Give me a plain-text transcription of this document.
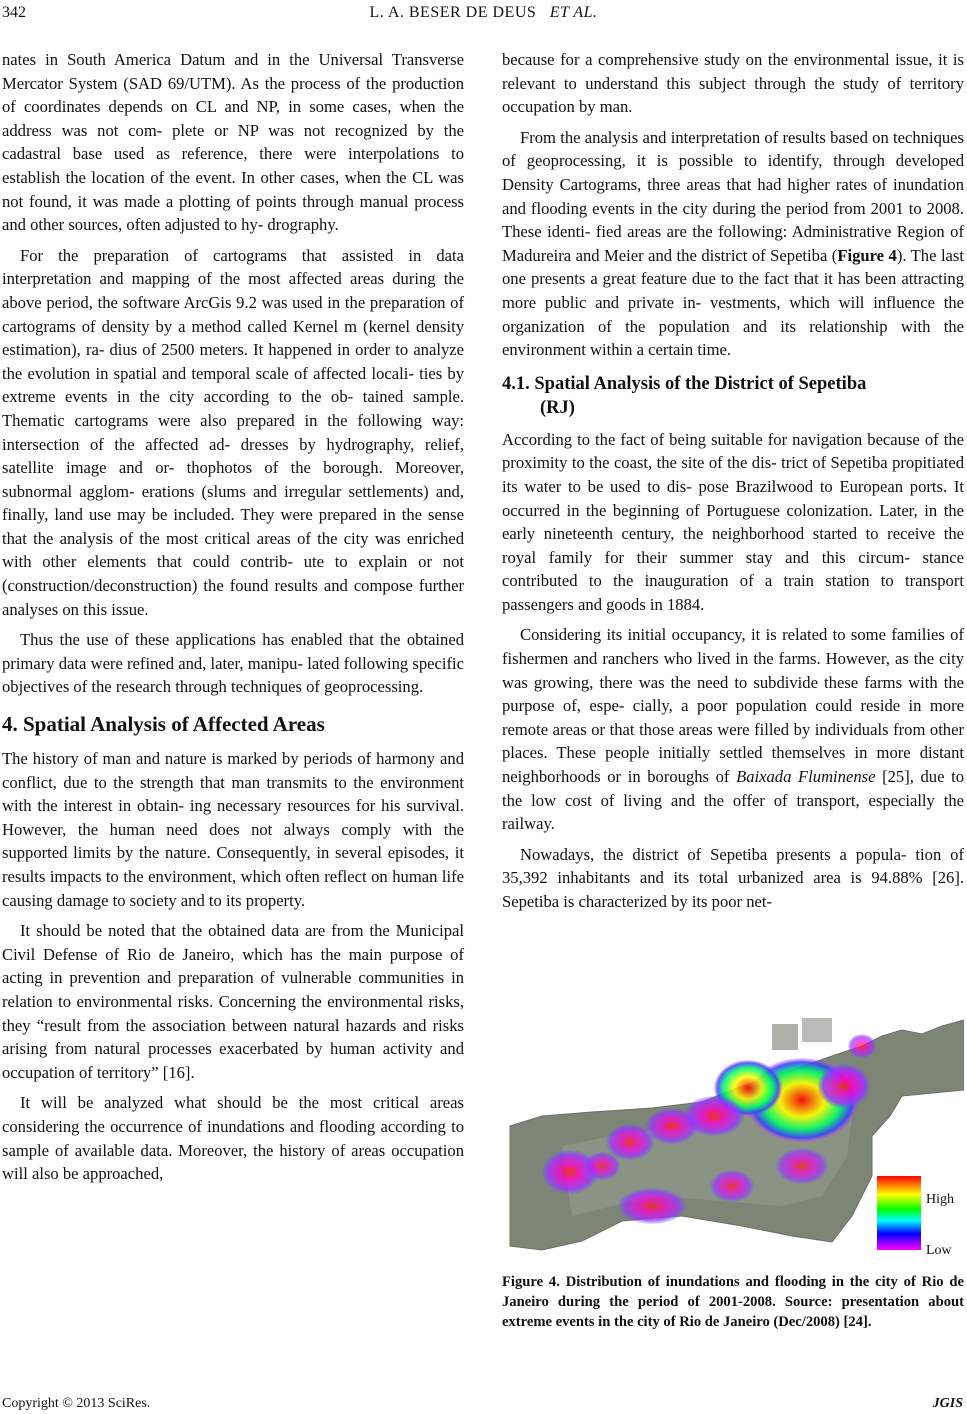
342	L. A. BESER DE DEUS ET AL.

nates in South America Datum and in the Universal Transverse Mercator System (SAD 69/UTM). As the process of the production of coordinates depends on CL and NP, in some cases, when the address was not com- plete or NP was not recognized by the cadastral base used as reference, there were interpolations to establish the location of the event. In other cases, when the CL was not found, it was made a plotting of points through manual process and other sources, often adjusted to hy- drography.

For the preparation of cartograms that assisted in data interpretation and mapping of the most affected areas during the above period, the software ArcGis 9.2 was used in the preparation of cartograms of density by a method called Kernel m (kernel density estimation), ra- dius of 2500 meters. It happened in order to analyze the evolution in spatial and temporal scale of affected locali- ties by extreme events in the city according to the ob- tained sample. Thematic cartograms were also prepared in the following way: intersection of the affected ad- dresses by hydrography, relief, satellite image and or- thophotos of the borough. Moreover, subnormal agglom- erations (slums and irregular settlements) and, finally, land use may be included. They were prepared in the sense that the analysis of the most critical areas of the city was enriched with other elements that could contrib- ute to explain or not (construction/deconstruction) the found results and compose further analyses on this issue.

Thus the use of these applications has enabled that the obtained primary data were refined and, later, manipu- lated following specific objectives of the research through techniques of geoprocessing.

4. Spatial Analysis of Affected Areas

The history of man and nature is marked by periods of harmony and conflict, due to the strength that man transmits to the environment with the interest in obtain- ing necessary resources for his survival. However, the human need does not always comply with the supported limits by the nature. Consequently, in several episodes, it results impacts to the environment, which often reflect on human life causing damage to society and to its property.

It should be noted that the obtained data are from the Municipal Civil Defense of Rio de Janeiro, which has the main purpose of acting in prevention and preparation of vulnerable communities in relation to environmental risks. Concerning the environmental risks, they “result from the association between natural hazards and risks arising from natural processes exacerbated by human activity and occupation of territory” [16].

It will be analyzed what should be the most critical areas considering the occurrence of inundations and flooding according to sample of available data. Moreover, the history of areas occupation will also be approached,

because for a comprehensive study on the environmental issue, it is relevant to understand this subject through the study of territory occupation by man.

From the analysis and interpretation of results based on techniques of geoprocessing, it is possible to identify, through developed Density Cartograms, three areas that had higher rates of inundation and flooding events in the city during the period from 2001 to 2008. These identi- fied areas are the following: Administrative Region of Madureira and Meier and the district of Sepetiba (Figure 4). The last one presents a great feature due to the fact that it has been attracting more public and private in- vestments, which will influence the organization of the population and its relationship with the environment within a certain time.

4.1. Spatial Analysis of the District of Sepetiba
(RJ)

According to the fact of being suitable for navigation because of the proximity to the coast, the site of the dis- trict of Sepetiba propitiated its water to be used to dis- pose Brazilwood to European ports. It occurred in the beginning of Portuguese colonization. Later, in the early nineteenth century, the neighborhood started to receive the royal family for their summer stay and this circum- stance contributed to the inauguration of a train station to transport passengers and goods in 1884.

Considering its initial occupancy, it is related to some families of fishermen and ranchers who lived in the farms. However, as the city was growing, there was the need to subdivide these farms with the purpose of, espe- cially, a poor population could reside in more remote areas or that those areas were filled by individuals from other places. These people initially settled themselves in more distant neighborhoods or in boroughs of Baixada Fluminense [25], due to the low cost of living and the offer of transport, especially the railway.

Nowadays, the district of Sepetiba presents a popula- tion of 35,392 inhabitants and its total urbanized area is 94.88% [26]. Sepetiba is characterized by its poor net-

High
Low
Figure 4. Distribution of inundations and flooding in the city of Rio de Janeiro during the period of 2001-2008. Source: presentation about extreme events in the city of Rio de Janeiro (Dec/2008) [24].
Copyright © 2013 SciRes.	JGIS
